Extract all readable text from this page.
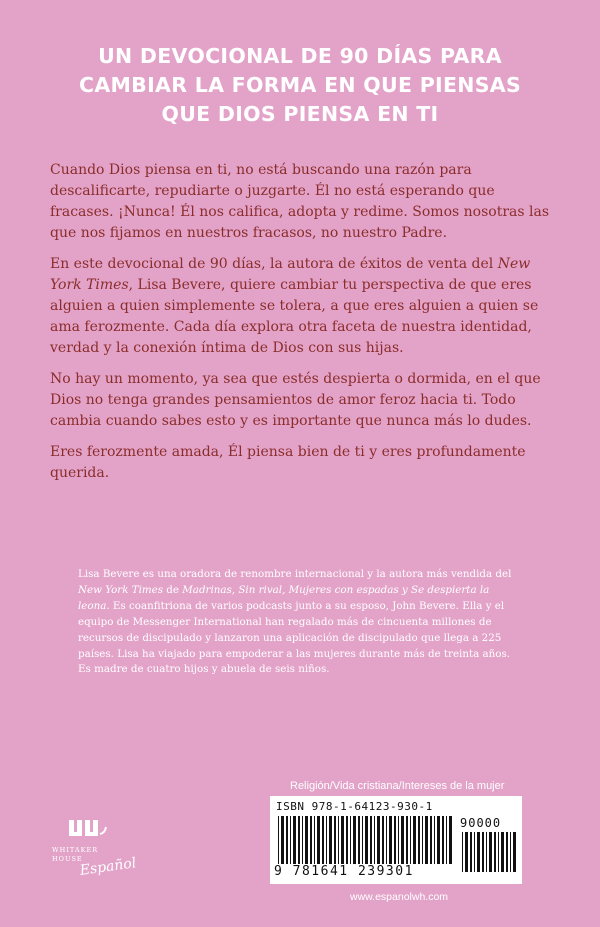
UN DEVOCIONAL DE 90 DÍAS PARA
CAMBIAR LA FORMA EN QUE PIENSAS
QUE DIOS PIENSA EN TI
Cuando Dios piensa en ti, no está buscando una razón para descalificarte, repudiarte o juzgarte. Él no está esperando que fracases. ¡Nunca! Él nos califica, adopta y redime. Somos nosotras las que nos fijamos en nuestros fracasos, no nuestro Padre.
En este devocional de 90 días, la autora de éxitos de venta del New York Times, Lisa Bevere, quiere cambiar tu perspectiva de que eres alguien a quien simplemente se tolera, a que eres alguien a quien se ama ferozmente. Cada día explora otra faceta de nuestra identidad, verdad y la conexión íntima de Dios con sus hijas.
No hay un momento, ya sea que estés despierta o dormida, en el que Dios no tenga grandes pensamientos de amor feroz hacia ti. Todo cambia cuando sabes esto y es importante que nunca más lo dudes.
Eres ferozmente amada, Él piensa bien de ti y eres profundamente querida.
Lisa Bevere es una oradora de renombre internacional y la autora más vendida del New York Times de Madrinas, Sin rival, Mujeres con espadas y Se despierta la leona. Es coanfitriona de varios podcasts junto a su esposo, John Bevere. Ella y el equipo de Messenger International han regalado más de cincuenta millones de recursos de discipulado y lanzaron una aplicación de discipulado que llega a 225 países. Lisa ha viajado para empoderar a las mujeres durante más de treinta años. Es madre de cuatro hijos y abuela de seis niños.
WHITAKER
HOUSE
Español
Religión/Vida cristiana/Intereses de la mujer
ISBN 978-1-64123-930-1
90000
9 781641 239301
www.espanolwh.com
